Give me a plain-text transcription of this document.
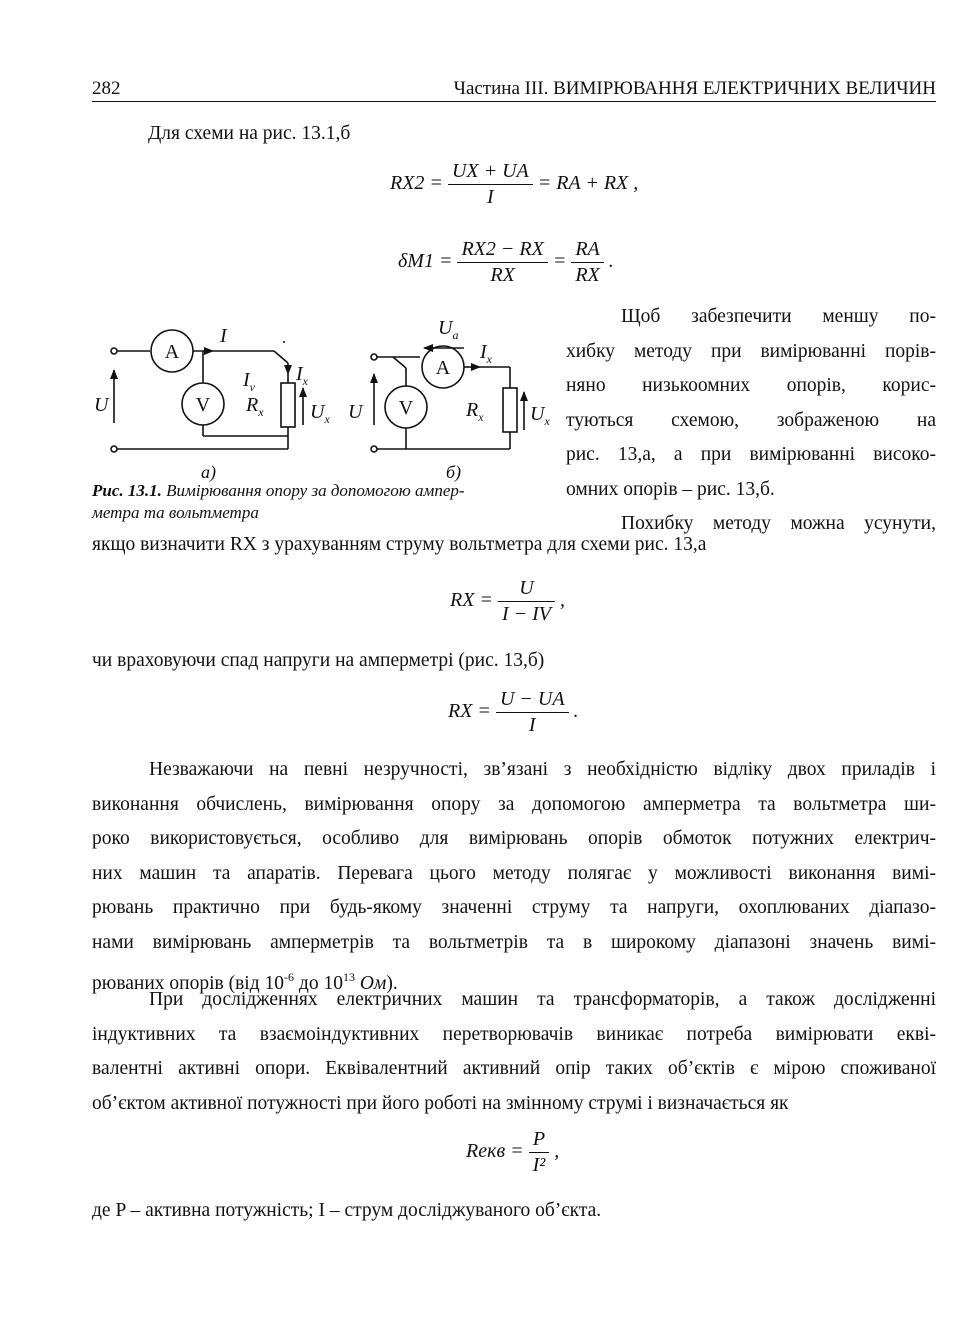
282	Частина III. ВИМІРЮВАННЯ ЕЛЕКТРИЧНИХ ВЕЛИЧИН
Для схеми на рис. 13.1,б
$RX2 = \frac{UX + UA}{I}$ = RA + RX ,
$\delta M1 = \frac{RX2 - RX}{RX} = \frac{RA}{RX}$ .
Щоб забезпечити меншу по-
хибку методу при вимірюванні порів-
няно низькоомних опорів, корис-
туються схемою, зображеною на
рис. 13,а, а при вимірюванні високо-
омних опорів – рис. 13,б.
Похибку методу можна усунути,
A
V
I
$I_v$
$I_x$
$R_x$ $U_x$
U
A
V
$U_a$
$I_x$
$R_x$ $U_x$
U
а)	б)
Рис. 13.1. Вимірювання опору за допомогою ампер-
метра та вольтметра
якщо визначити RX з урахуванням струму вольтметра для схеми рис. 13,а
RX = $\frac{U}{I - IV}$ ,
чи враховуючи спад напруги на амперметрі (рис. 13,б)
RX = $\frac{U - UA}{I}$ .
Незважаючи на певні незручності, зв’язані з необхідністю відліку двох приладів і
виконання обчислень, вимірювання опору за допомогою амперметра та вольтметра ши-
роко використовується, особливо для вимірювань опорів обмоток потужних електрич-
них машин та апаратів. Перевага цього методу полягає у можливості виконання вимі-
рювань практично при будь-якому значенні струму та напруги, охоплюваних діапазо-
нами вимірювань амперметрів та вольтметрів та в широкому діапазоні значень вимі-
рюваних опорів (від $10^{-6}$ до $10^{13}$ Ом).
При дослідженнях електричних машин та трансформаторів, а також дослідженні
індуктивних та взаємоіндуктивних перетворювачів виникає потреба вимірювати екві-
валентні активні опори. Еквівалентний активний опір таких об’єктів є мірою споживаної
об’єктом активної потужності при його роботі на змінному струмі і визначається як
Rекв = $\frac{P}{\text{I²}}$ ,
де P – активна потужність; I – струм досліджуваного об’єкта.
